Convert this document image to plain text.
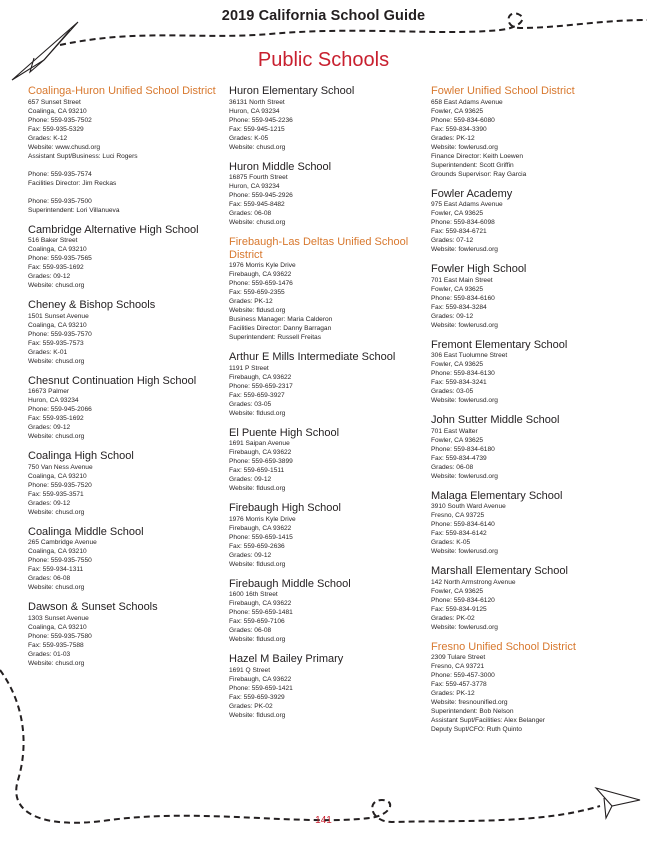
2019 California School Guide
Public Schools
Coalinga-Huron Unified School District
657 Sunset Street
Coalinga, CA 93210
Phone: 559-935-7502
Fax: 559-935-5329
Grades: K-12
Website: www.chusd.org
Assistant Supt/Business: Luci Rogers
Phone: 559-935-7574
Facilities Director: Jim Reckas
Phone: 559-935-7500
Superintendent: Lori Villanueva
Cambridge Alternative High School
516 Baker Street
Coalinga, CA 93210
Phone: 559-935-7565
Fax: 559-935-1692
Grades: 09-12
Website: chusd.org
Cheney & Bishop Schools
1501 Sunset Avenue
Coalinga, CA 93210
Phone: 559-935-7570
Fax: 559-935-7573
Grades: K-01
Website: chusd.org
Chesnut Continuation High School
16673 Palmer
Huron, CA 93234
Phone: 559-945-2066
Fax: 559-935-1692
Grades: 09-12
Website: chusd.org
Coalinga High School
750 Van Ness Avenue
Coalinga, CA 93210
Phone: 559-935-7520
Fax: 559-935-3571
Grades: 09-12
Website: chusd.org
Coalinga Middle School
265 Cambridge Avenue
Coalinga, CA 93210
Phone: 559-935-7550
Fax: 559-934-1311
Grades: 06-08
Website: chusd.org
Dawson & Sunset Schools
1303 Sunset Avenue
Coalinga, CA 93210
Phone: 559-935-7580
Fax: 559-935-7588
Grades: 01-03
Website: chusd.org
Huron Elementary School
36131 North Street
Huron, CA 93234
Phone: 559-945-2236
Fax: 559-945-1215
Grades: K-05
Website: chusd.org
Huron Middle School
16875 Fourth Street
Huron, CA 93234
Phone: 559-945-2926
Fax: 559-945-8482
Grades: 06-08
Website: chusd.org
Firebaugh-Las Deltas Unified School District
1976 Morris Kyle Drive
Firebaugh, CA 93622
Phone: 559-659-1476
Fax: 559-659-2355
Grades: PK-12
Website: fldusd.org
Business Manager: Maria Calderon
Facilities Director: Danny Barragan
Superintendent: Russell Freitas
Arthur E Mills Intermediate School
1191 P Street
Firebaugh, CA 93622
Phone: 559-659-2317
Fax: 559-659-3927
Grades: 03-05
Website: fldusd.org
El Puente High School
1691 Saipan Avenue
Firebaugh, CA 93622
Phone: 559-659-3899
Fax: 559-659-1511
Grades: 09-12
Website: fldusd.org
Firebaugh High School
1976 Morris Kyle Drive
Firebaugh, CA 93622
Phone: 559-659-1415
Fax: 559-659-2636
Grades: 09-12
Website: fldusd.org
Firebaugh Middle School
1600 16th Street
Firebaugh, CA 93622
Phone: 559-659-1481
Fax: 559-659-7106
Grades: 06-08
Website: fldusd.org
Hazel M Bailey Primary
1691 Q Street
Firebaugh, CA 93622
Phone: 559-659-1421
Fax: 559-659-3929
Grades: PK-02
Website: fldusd.org
Fowler Unified School District
658 East Adams Avenue
Fowler, CA 93625
Phone: 559-834-6080
Fax: 559-834-3390
Grades: PK-12
Website: fowlerusd.org
Finance Director: Keith Loewen
Superintendent: Scott Griffin
Grounds Supervisor: Ray Garcia
Fowler Academy
975 East Adams Avenue
Fowler, CA 93625
Phone: 559-834-6098
Fax: 559-834-6721
Grades: 07-12
Website: fowlerusd.org
Fowler High School
701 East Main Street
Fowler, CA 93625
Phone: 559-834-6160
Fax: 559-834-3284
Grades: 09-12
Website: fowlerusd.org
Fremont Elementary School
306 East Tuolumne Street
Fowler, CA 93625
Phone: 559-834-6130
Fax: 559-834-3241
Grades: 03-05
Website: fowlerusd.org
John Sutter Middle School
701 East Walter
Fowler, CA 93625
Phone: 559-834-6180
Fax: 559-834-4739
Grades: 06-08
Website: fowlerusd.org
Malaga Elementary School
3910 South Ward Avenue
Fresno, CA 93725
Phone: 559-834-6140
Fax: 559-834-6142
Grades: K-05
Website: fowlerusd.org
Marshall Elementary School
142 North Armstrong Avenue
Fowler, CA 93625
Phone: 559-834-6120
Fax: 559-834-9125
Grades: PK-02
Website: fowlerusd.org
Fresno Unified School District
2309 Tulare Street
Fresno, CA 93721
Phone: 559-457-3000
Fax: 559-457-3778
Grades: PK-12
Website: fresnounified.org
Superintendent: Bob Nelson
Assistant Supt/Facilities: Alex Belanger
Deputy Supt/CFO: Ruth Quinto
141
